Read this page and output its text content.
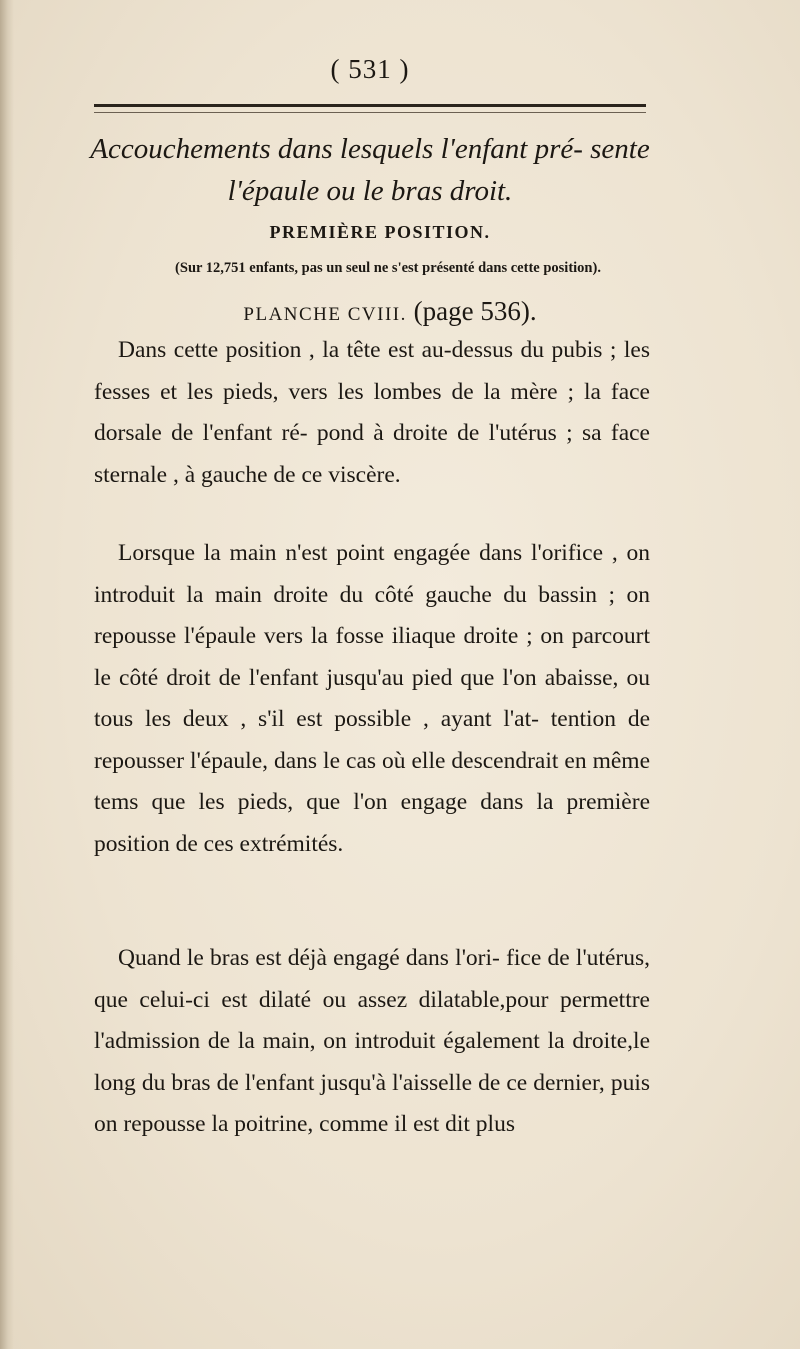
( 531 )
Accouchements dans lesquels l'enfant pré- sente l'épaule ou le bras droit.
PREMIÈRE POSITION.
(Sur 12,751 enfants, pas un seul ne s'est présenté dans cette position).
PLANCHE CVIII. (page 536).

Dans cette position , la tête est au-dessus du pubis ; les fesses et les pieds, vers les lombes de la mère ; la face dorsale de l'enfant ré- pond à droite de l'utérus ; sa face sternale , à gauche de ce viscère.

Lorsque la main n'est point engagée dans l'orifice , on introduit la main droite du côté gauche du bassin ; on repousse l'épaule vers la fosse iliaque droite ; on parcourt le côté droit de l'enfant jusqu'au pied que l'on abaisse, ou tous les deux , s'il est possible , ayant l'at- tention de repousser l'épaule, dans le cas où elle descendrait en même tems que les pieds, que l'on engage dans la première position de ces extrémités.

Quand le bras est déjà engagé dans l'ori- fice de l'utérus, que celui-ci est dilaté ou assez dilatable,pour permettre l'admission de la main, on introduit également la droite,le long du bras de l'enfant jusqu'à l'aisselle de ce dernier, puis on repousse la poitrine, comme il est dit plus
